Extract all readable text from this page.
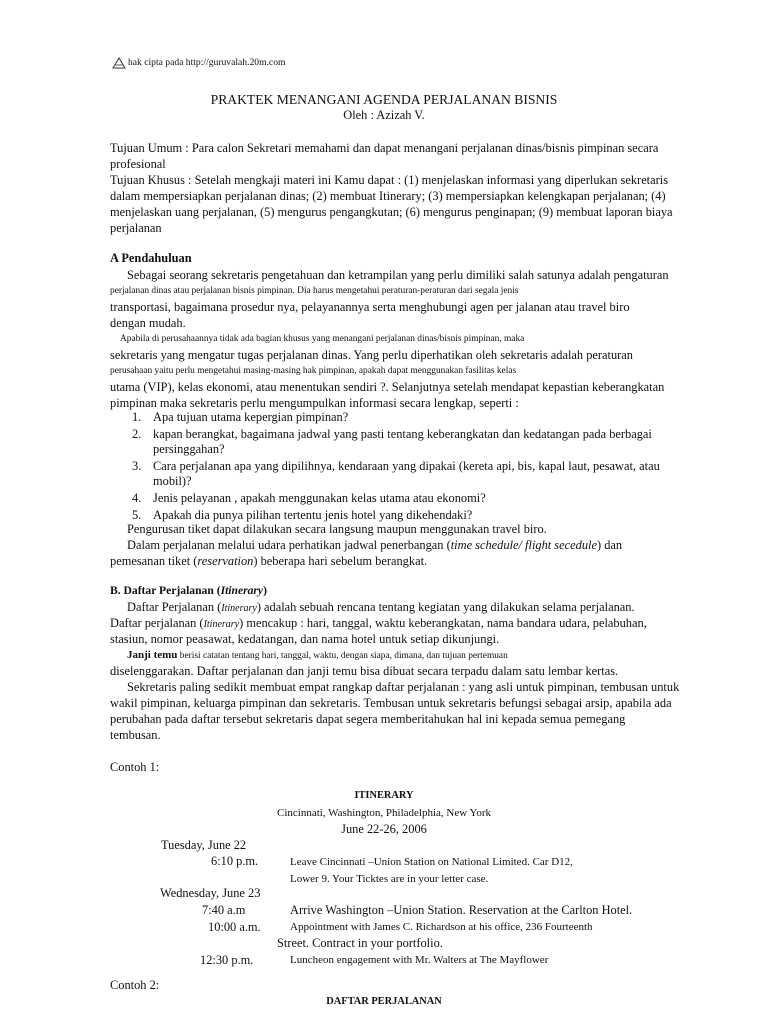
hak cipta pada http://guruvalah.20m.com
PRAKTEK MENANGANI AGENDA PERJALANAN BISNIS
Oleh : Azizah V.
Tujuan Umum : Para calon Sekretari memahami dan dapat menangani perjalanan dinas/bisnis pimpinan secara
profesional
Tujuan Khusus : Setelah mengkaji materi ini Kamu dapat : (1) menjelaskan informasi yang diperlukan sekretaris
dalam mempersiapkan perjalanan dinas; (2) membuat Itinerary; (3) mempersiapkan kelengkapan perjalanan; (4)
menjelaskan uang perjalanan, (5) mengurus pengangkutan; (6) mengurus penginapan; (9) membuat laporan biaya
perjalanan
A Pendahuluan
Sebagai seorang sekretaris pengetahuan dan ketrampilan yang perlu dimiliki salah satunya adalah pengaturan
perjalanan dinas atau perjalanan bisnis pimpinan. Dia harus mengetahui peraturan-peraturan dari segala jenis
transportasi, bagaimana prosedur nya, pelayanannya serta menghubungi agen per jalanan atau travel biro
dengan mudah.
Apabila di perusahaannya tidak ada bagian khusus yang menangani perjalanan dinas/bisnis pimpinan, maka
sekretaris yang mengatur tugas perjalanan dinas. Yang perlu diperhatikan oleh sekretaris adalah peraturan
perusahaan yaitu perlu mengetahui masing-masing hak pimpinan, apakah dapat menggunakan fasilitas kelas
utama (VIP), kelas ekonomi, atau menentukan sendiri ?. Selanjutnya setelah mendapat kepastian keberangkatan
pimpinan maka sekretaris perlu mengumpulkan informasi secara lengkap, seperti :
1. Apa tujuan utama kepergian pimpinan?
2. kapan berangkat, bagaimana jadwal yang pasti tentang keberangkatan dan kedatangan pada berbagai
persinggahan?
3. Cara perjalanan apa yang dipilihnya, kendaraan yang dipakai (kereta api, bis, kapal laut, pesawat, atau
mobil)?
4. Jenis pelayanan , apakah menggunakan kelas utama atau ekonomi?
5. Apakah dia punya pilihan tertentu jenis hotel yang dikehendaki?
Pengurusan tiket dapat dilakukan secara langsung maupun menggunakan travel biro.
Dalam perjalanan melalui udara perhatikan jadwal penerbangan (time schedule/ flight secedule) dan
pemesanan tiket (reservation) beberapa hari sebelum berangkat.
B. Daftar Perjalanan (Itinerary)
Daftar Perjalanan (Itinerary) adalah sebuah rencana tentang kegiatan yang dilakukan selama perjalanan.
Daftar perjalanan (Itinerary) mencakup : hari, tanggal, waktu keberangkatan, nama bandara udara, pelabuhan,
stasiun, nomor peasawat, kedatangan, dan nama hotel untuk setiap dikunjungi.
Janji temu berisi catatan tentang hari, tanggal, waktu, dengan siapa, dimana, dan tujuan pertemuan
diselenggarakan. Daftar perjalanan dan janji temu bisa dibuat secara terpadu dalam satu lembar kertas.
Sekretaris paling sedikit membuat empat rangkap daftar perjalanan : yang asli untuk pimpinan, tembusan untuk
wakil pimpinan, keluarga pimpinan dan sekretaris. Tembusan untuk sekretaris befungsi sebagai arsip, apabila ada
perubahan pada daftar tersebut sekretaris dapat segera memberitahukan hal ini kepada semua pemegang
tembusan.
Contoh 1:
ITINERARY
Cincinnati, Washington, Philadelphia, New York
June 22-26, 2006
Tuesday, June 22
6:10 p.m.	Leave Cincinnati –Union Station on National Limited. Car D12,
Lower 9. Your Ticktes are in your letter case.
Wednesday, June 23
7:40 a.m	Arrive Washington –Union Station. Reservation at the Carlton Hotel.
10:00 a.m.	Appointment with James C. Richardson at his office, 236 Fourteenth
Street. Contract in your portfolio.
12:30 p.m.	Luncheon engagement with Mr. Walters at The Mayflower
Contoh 2:
DAFTAR PERJALANAN
